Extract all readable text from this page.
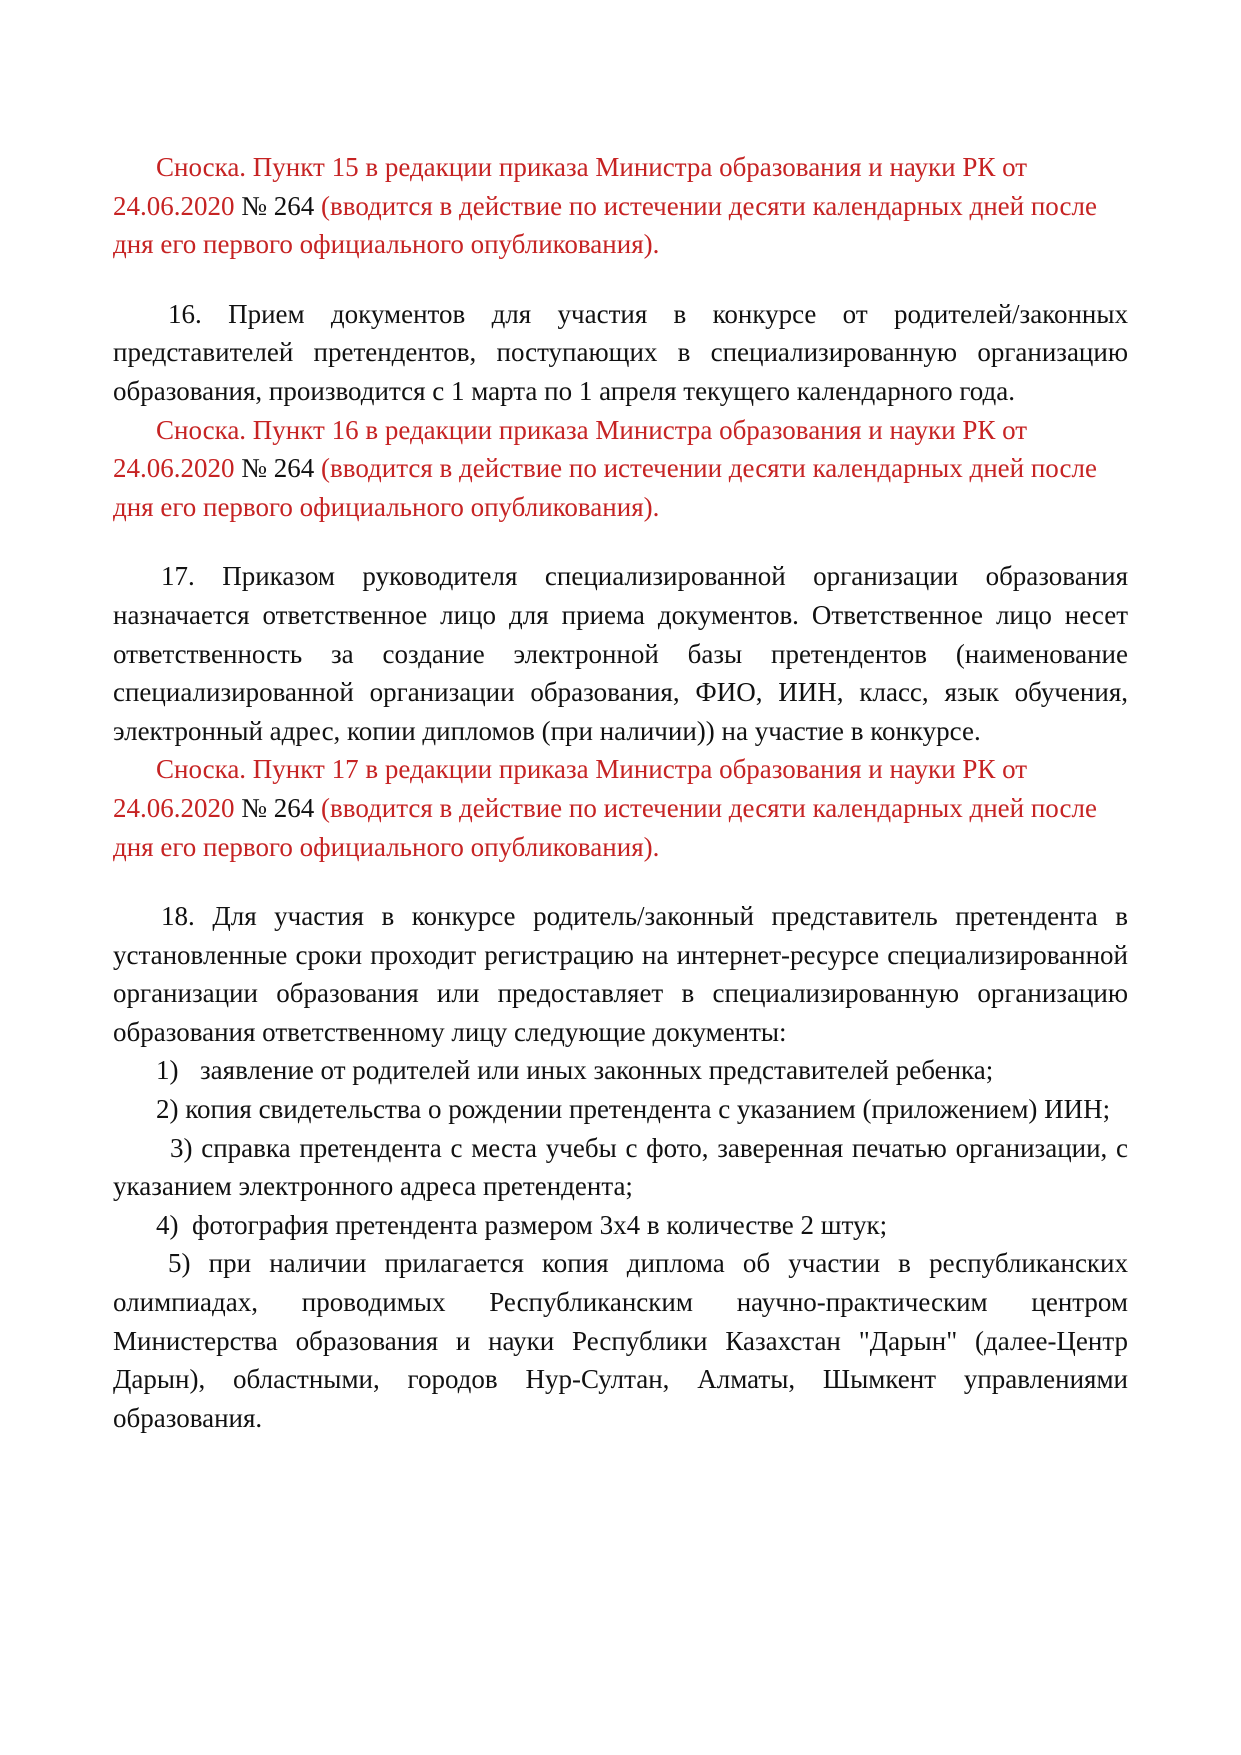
Сноска. Пункт 15 в редакции приказа Министра образования и науки РК от 24.06.2020 № 264 (вводится в действие по истечении десяти календарных дней после дня его первого официального опубликования).

16. Прием документов для участия в конкурсе от родителей/законных представителей претендентов, поступающих в специализированную организацию образования, производится с 1 марта по 1 апреля текущего календарного года.

Сноска. Пункт 16 в редакции приказа Министра образования и науки РК от 24.06.2020 № 264 (вводится в действие по истечении десяти календарных дней после дня его первого официального опубликования).

17. Приказом руководителя специализированной организации образования назначается ответственное лицо для приема документов. Ответственное лицо несет ответственность за создание электронной базы претендентов (наименование специализированной организации образования, ФИО, ИИН, класс, язык обучения, электронный адрес, копии дипломов (при наличии)) на участие в конкурсе.

Сноска. Пункт 17 в редакции приказа Министра образования и науки РК от 24.06.2020 № 264 (вводится в действие по истечении десяти календарных дней после дня его первого официального опубликования).

18. Для участия в конкурсе родитель/законный представитель претендента в установленные сроки проходит регистрацию на интернет-ресурсе специализированной организации образования или предоставляет в специализированную организацию образования ответственному лицу следующие документы:

1) заявление от родителей или иных законных представителей ребенка;

2) копия свидетельства о рождении претендента с указанием (приложением) ИИН;

3) справка претендента с места учебы с фото, заверенная печатью организации, с указанием электронного адреса претендента;

4) фотография претендента размером 3х4 в количестве 2 штук;

5) при наличии прилагается копия диплома об участии в республиканских олимпиадах, проводимых Республиканским научно-практическим центром Министерства образования и науки Республики Казахстан "Дарын" (далее-Центр Дарын), областными, городов Нур-Султан, Алматы, Шымкент управлениями образования.
